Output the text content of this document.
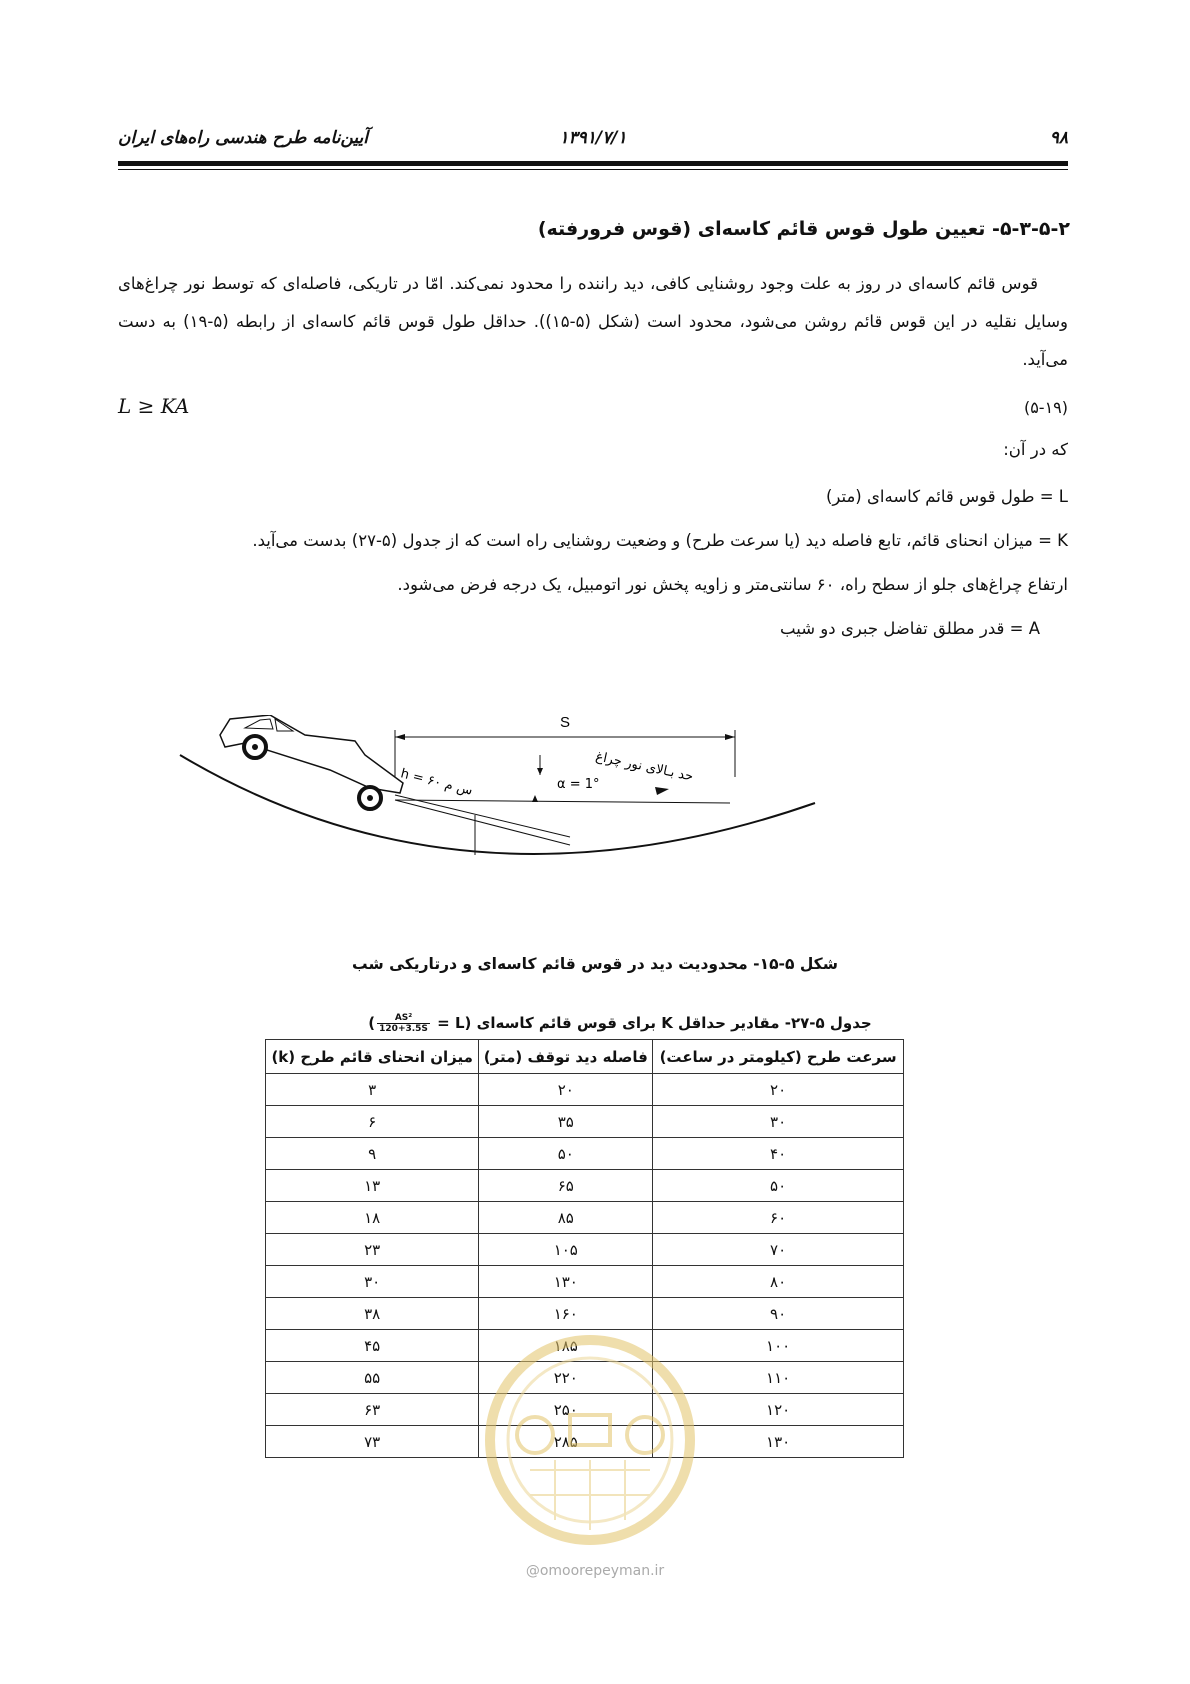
۹۸
۱۳۹۱/۷/۱
آیین‌نامه طرح هندسی راه‌های ایران
۵-۳-۵-۲- تعیین طول قوس قائم کاسه‌ای (قوس فرورفته)
قوس قائم کاسه‌ای در روز به علت وجود روشنایی کافی، دید راننده را محدود نمی‌کند. امّا در تاریکی، فاصله‌ای که توسط نور چراغ‌های وسایل نقلیه در این قوس قائم روشن می‌شود، محدود است (شکل (۵-۱۵)). حداقل طول قوس قائم کاسه‌ای از رابطه (۵-۱۹) به دست می‌آید.
L ≥ KA	(۵-۱۹)
که در آن:
L = طول قوس قائم کاسه‌ای (متر)
K = میزان انحنای قائم، تابع فاصله دید (یا سرعت طرح) و وضعیت روشنایی راه است که از جدول (۵-۲۷) بدست می‌آید.
ارتفاع چراغ‌های جلو از سطح راه، ۶۰ سانتی‌متر و زاویه پخش نور اتومبیل، یک درجه فرض می‌شود.
A = قدر مطلق تفاضل جبری دو شیب
S
h = ۶۰ س م	α = 1°
حد بـالای نور چراغ
شکل ۵-۱۵- محدودیت دید در قوس قائم کاسه‌ای و درتاریکی شب
جدول ۵-۲۷- مقادیر حداقل K برای قوس قائم کاسه‌ای (L =
$\frac{\text{AS²}}{120+3.5S}$
)
سرعت طرح (کیلومتر در ساعت)	فاصله دید توقف (متر)	میزان انحنای قائم طرح (k)
۲۰	۲۰	۳
۳۰	۳۵	۶
۴۰	۵۰	۹
۵۰	۶۵	۱۳
۶۰	۸۵	۱۸
۷۰	۱۰۵	۲۳
۸۰	۱۳۰	۳۰
۹۰	۱۶۰	۳۸
۱۰۰	۱۸۵	۴۵
۱۱۰	۲۲۰	۵۵
۱۲۰	۲۵۰	۶۳
۱۳۰	۲۸۵	۷۳
@omoorepeyman.ir
